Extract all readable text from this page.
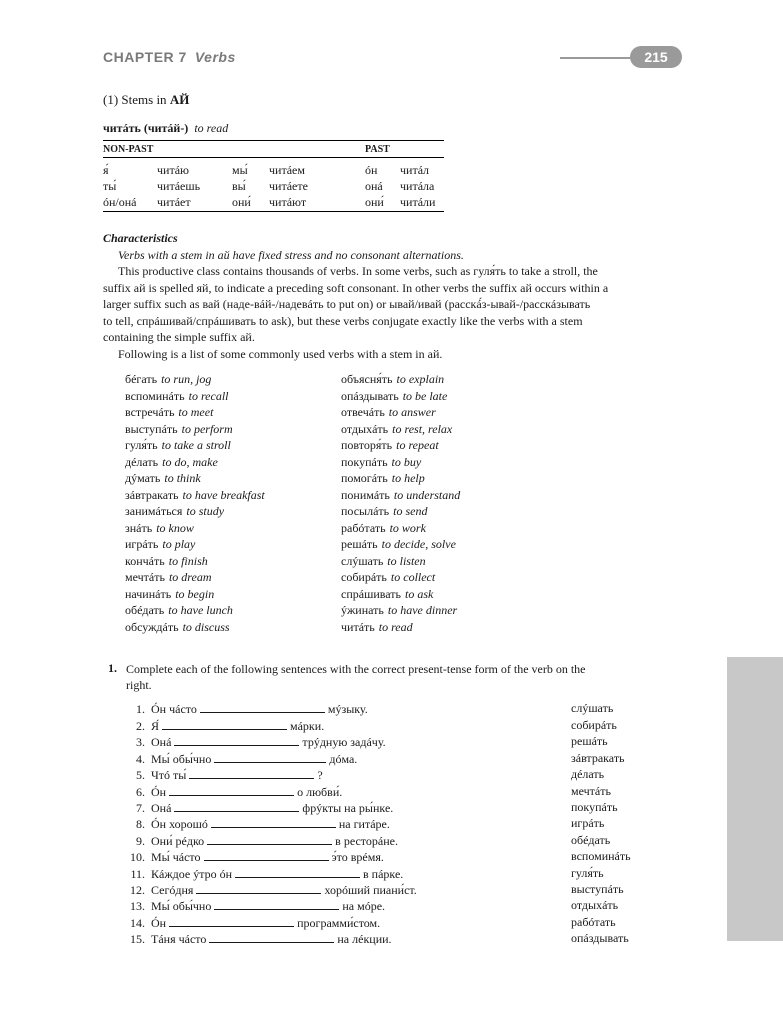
CHAPTER 7 Verbs	215
(1) Stems in АЙ
читáть (читáй-) to read
NON-PAST	PAST
я́	читáю	мы́ читáем	óн читáл
ты́	читáешь	вы́ читáете	онá читáла
óн/онá читáет	они́ читáют	они́ читáли
Characteristics
Verbs with a stem in ай have fixed stress and no consonant alternations.
This productive class contains thousands of verbs. In some verbs, such as гуля́ть to take a stroll, the
suffix ай is spelled яй, to indicate a preceding soft consonant. In other verbs the suffix ай occurs within a
larger suffix such as вай (наде-вáй-/надевáть to put on) or ывай/ивай (расскá́з-ывай-/расскáзывать
to tell, спрáшивай/спрáшивать to ask), but these verbs conjugate exactly like the verbs with a stem
containing the simple suffix ай.
Following is a list of some commonly used verbs with a stem in ай.
бéгать to run, jog
вспоминáть to recall
встречáть to meet
выступáть to perform
гуля́ть to take a stroll
дéлать to do, make
дýмать to think
зáвтракать to have breakfast
занимáться to study
знáть to know
игрáть to play
кончáть to finish
мечтáть to dream
начинáть to begin
обéдать to have lunch
обсуждáть to discuss
объясня́ть to explain
опáздывать to be late
отвечáть to answer
отдыхáть to rest, relax
повторя́ть to repeat
покупáть to buy
помогáть to help
понимáть to understand
посылáть to send
рабóтать to work
решáть to decide, solve
слýшать to listen
собирáть to collect
спрáшивать to ask
ýжинать to have dinner
читáть to read
1. Complete each of the following sentences with the correct present-tense form of the verb on the
right.
1. Óн чáсто	мýзыку.	слýшать
2. Я́	мáрки.	собирáть
3. Онá	трýдную задáчу.	решáть
4. Мы́ обы́чно	дóма.	зáвтракать
5. Чтó ты́	?	дéлать
6. Óн	о любви́.	мечтáть
7. Онá	фрýкты на ры́нке.	покупáть
8. Óн хорошó	на гитáре.	игрáть
9. Они́ рéдко	в ресторáне.	обéдать
10. Мы́ чáсто	э́то врéмя.	вспоминáть
11. Кáждое ýтро óн	в пáрке.	гуля́ть
12. Сегóдня	хорóший пиани́ст.	выступáть
13. Мы́ обы́чно	на мóре.	отдыхáть
14. Óн	программи́стом.	рабóтать
15. Тáня чáсто	на лéкции.	опáздывать
